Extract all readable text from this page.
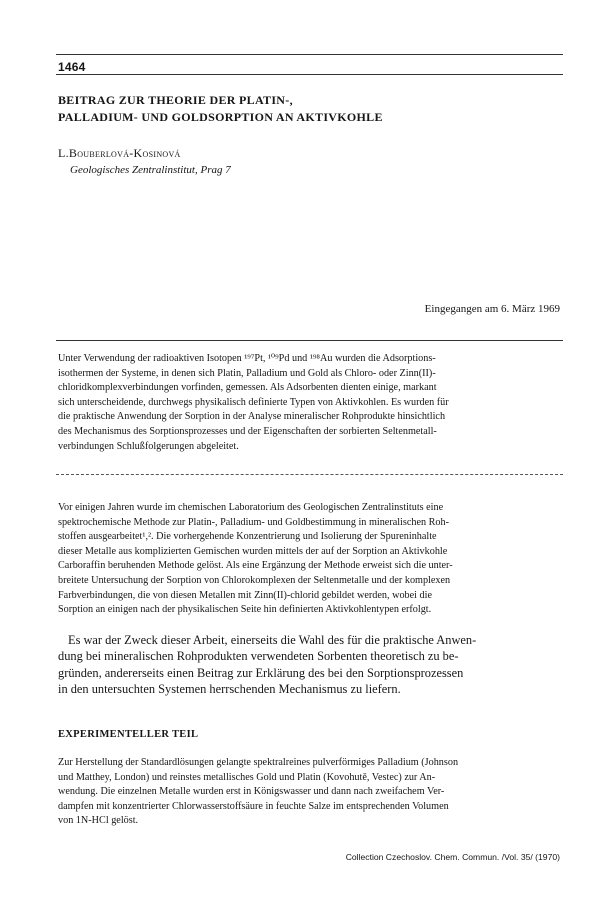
1464
BEITRAG ZUR THEORIE DER PLATIN-,
PALLADIUM- UND GOLDSORPTION AN AKTIVKOHLE
L.Bouberlová-Kosinová
Geologisches Zentralinstitut, Prag 7
Eingegangen am 6. März 1969
Unter Verwendung der radioaktiven Isotopen ¹⁹⁷Pt, ¹⁰⁹Pd und ¹⁹⁸Au wurden die Adsorptions-
isothermen der Systeme, in denen sich Platin, Palladium und Gold als Chloro- oder Zinn(II)-
chloridkomplexverbindungen vorfinden, gemessen. Als Adsorbenten dienten einige, markant
sich unterscheidende, durchwegs physikalisch definierte Typen von Aktivkohlen. Es wurden für
die praktische Anwendung der Sorption in der Analyse mineralischer Rohprodukte hinsichtlich
des Mechanismus des Sorptionsprozesses und der Eigenschaften der sorbierten Seltenmetall-
verbindungen Schlußfolgerungen abgeleitet.
Vor einigen Jahren wurde im chemischen Laboratorium des Geologischen Zentralinstituts eine
spektrochemische Methode zur Platin-, Palladium- und Goldbestimmung in mineralischen Roh-
stoffen ausgearbeitet¹,². Die vorhergehende Konzentrierung und Isolierung der Spureninhalte
dieser Metalle aus komplizierten Gemischen wurden mittels der auf der Sorption an Aktivkohle
Carboraffin beruhenden Methode gelöst. Als eine Ergänzung der Methode erweist sich die unter-
breitete Untersuchung der Sorption von Chlorokomplexen der Seltenmetalle und der komplexen
Farbverbindungen, die von diesen Metallen mit Zinn(II)-chlorid gebildet werden, wobei die
Sorption an einigen nach der physikalischen Seite hin definierten Aktivkohlentypen erfolgt.
Es war der Zweck dieser Arbeit, einerseits die Wahl des für die praktische Anwen-
dung bei mineralischen Rohprodukten verwendeten Sorbenten theoretisch zu be-
gründen, andererseits einen Beitrag zur Erklärung des bei den Sorptionsprozessen
in den untersuchten Systemen herrschenden Mechanismus zu liefern.
EXPERIMENTELLER TEIL
Zur Herstellung der Standardlösungen gelangte spektralreines pulverförmiges Palladium (Johnson
und Matthey, London) und reinstes metallisches Gold und Platin (Kovohutě, Vestec) zur An-
wendung. Die einzelnen Metalle wurden erst in Königswasser und dann nach zweifachem Ver-
dampfen mit konzentrierter Chlorwasserstoffsäure in feuchte Salze im entsprechenden Volumen
von 1N-HCl gelöst.
Collection Czechoslov. Chem. Commun. /Vol. 35/ (1970)
